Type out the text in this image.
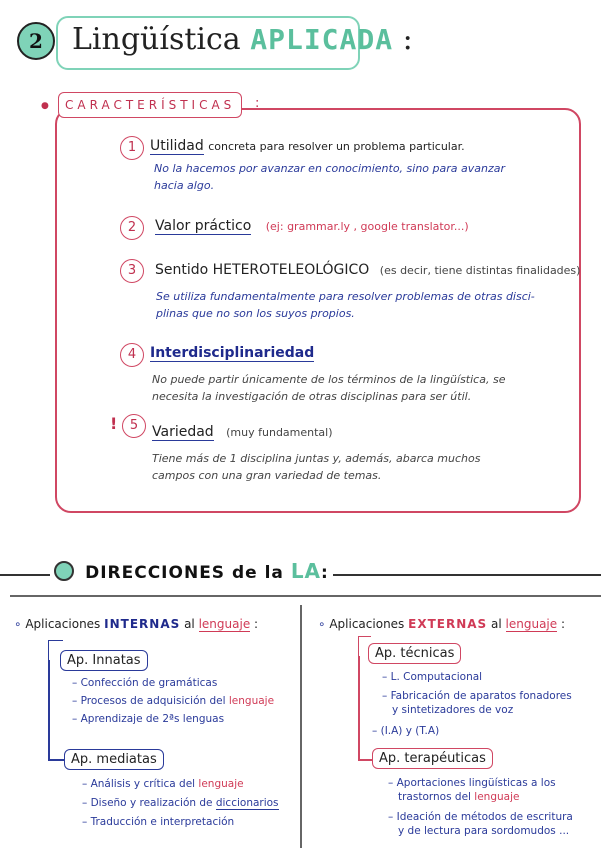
2 Lingüística APLICADA :
●	CARACTERÍSTICAS	:
1 Utilidad concreta para resolver un problema particular.
No la hacemos por avanzar en conocimiento, sino para avanzar
hacia algo.
2	Valor práctico (ej: grammar.ly , google translator...)
3	Sentido HETEROTELEOLÓGICO (es decir, tiene distintas finalidades)
Se utiliza fundamentalmente para resolver problemas de otras disci-
plinas que no son los suyos propios.
4 Interdisciplinariedad
No puede partir únicamente de los términos de la lingüística, se
necesita la investigación de otras disciplinas para ser útil.
! 5 Variedad (muy fundamental)
Tiene más de 1 disciplina juntas y, además, abarca muchos
campos con una gran variedad de temas.
DIRECCIONES de la LA:
∘ Aplicaciones INTERNAS al lenguaje :
Ap. Innatas
– Confección de gramáticas
– Procesos de adquisición del lenguaje
– Aprendizaje de 2ªs lenguas
Ap. mediatas
– Análisis y crítica del lenguaje
– Diseño y realización de diccionarios
– Traducción e interpretación
∘ Aplicaciones EXTERNAS al lenguaje :
Ap. técnicas
– L. Computacional
– Fabricación de aparatos fonadores
y sintetizadores de voz
– (I.A) y (T.A)
Ap. terapéuticas
– Aportaciones lingüísticas a los
trastornos del lenguaje
– Ideación de métodos de escritura
y de lectura para sordomudos ...
